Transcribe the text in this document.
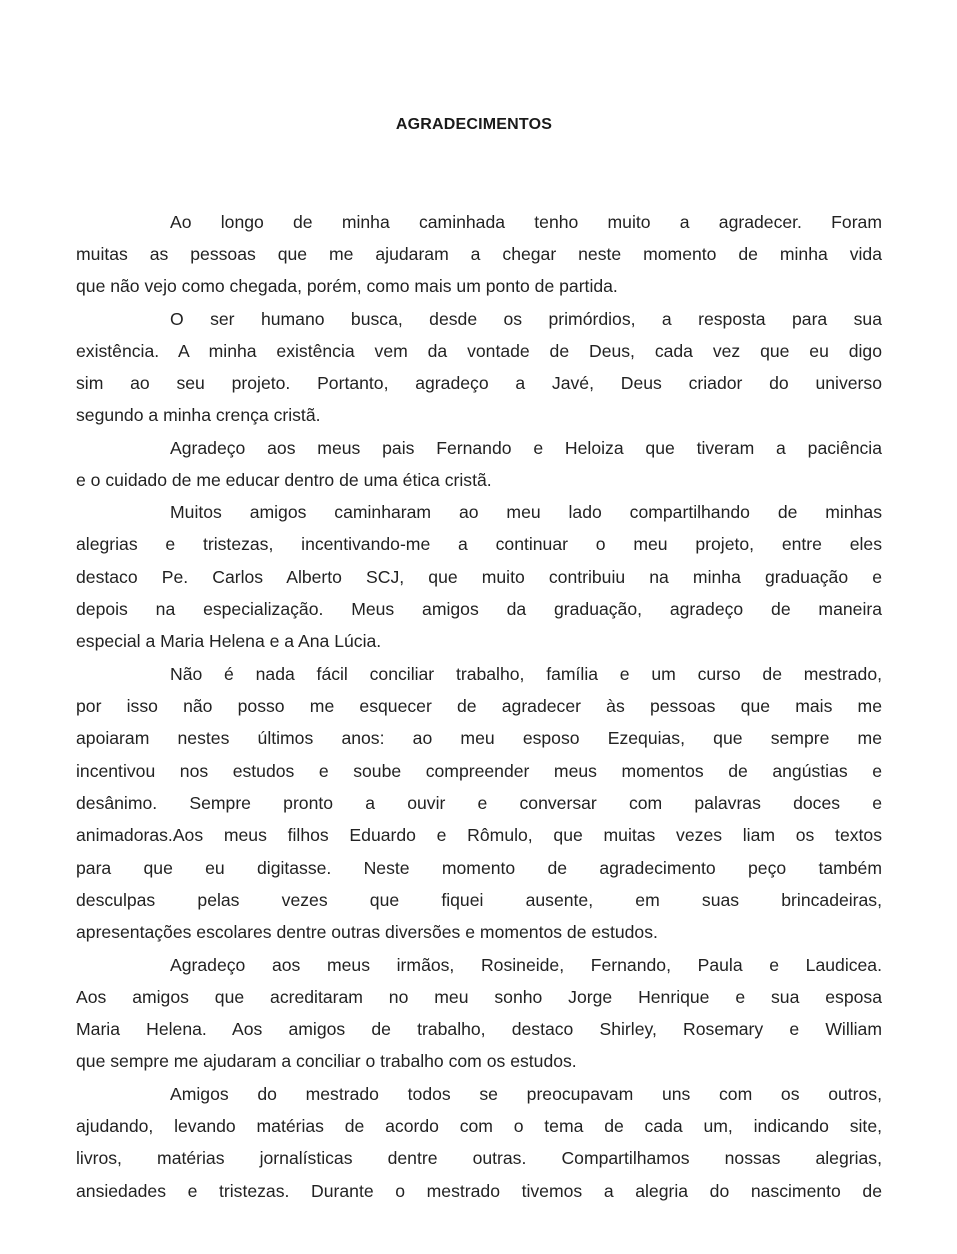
AGRADECIMENTOS
Ao longo de minha caminhada tenho muito a agradecer. Foram
muitas as pessoas que me ajudaram a chegar neste momento de minha vida
que não vejo como chegada, porém, como mais um ponto de partida.
O ser humano busca, desde os primórdios, a resposta para sua
existência. A minha existência vem da vontade de Deus, cada vez que eu digo
sim ao seu projeto. Portanto, agradeço a Javé, Deus criador do universo
segundo a minha crença cristã.
Agradeço aos meus pais Fernando e Heloiza que tiveram a paciência
e o cuidado de me educar dentro de uma ética cristã.
Muitos amigos caminharam ao meu lado compartilhando de minhas
alegrias e tristezas, incentivando-me a continuar o meu projeto, entre eles
destaco Pe. Carlos Alberto SCJ, que muito contribuiu na minha graduação e
depois na especialização. Meus amigos da graduação, agradeço de maneira
especial a Maria Helena e a Ana Lúcia.
Não é nada fácil conciliar trabalho, família e um curso de mestrado,
por isso não posso me esquecer de agradecer às pessoas que mais me
apoiaram nestes últimos anos: ao meu esposo Ezequias, que sempre me
incentivou nos estudos e soube compreender meus momentos de angústias e
desânimo. Sempre pronto a ouvir e conversar com palavras doces e
animadoras.Aos meus filhos Eduardo e Rômulo, que muitas vezes liam os textos
para que eu digitasse. Neste momento de agradecimento peço também
desculpas pelas vezes que fiquei ausente, em suas brincadeiras,
apresentações escolares dentre outras diversões e momentos de estudos.
Agradeço aos meus irmãos, Rosineide, Fernando, Paula e Laudicea.
Aos amigos que acreditaram no meu sonho Jorge Henrique e sua esposa
Maria Helena. Aos amigos de trabalho, destaco Shirley, Rosemary e William
que sempre me ajudaram a conciliar o trabalho com os estudos.
Amigos do mestrado todos se preocupavam uns com os outros,
ajudando, levando matérias de acordo com o tema de cada um, indicando site,
livros, matérias jornalísticas dentre outras. Compartilhamos nossas alegrias,
ansiedades e tristezas. Durante o mestrado tivemos a alegria do nascimento de
